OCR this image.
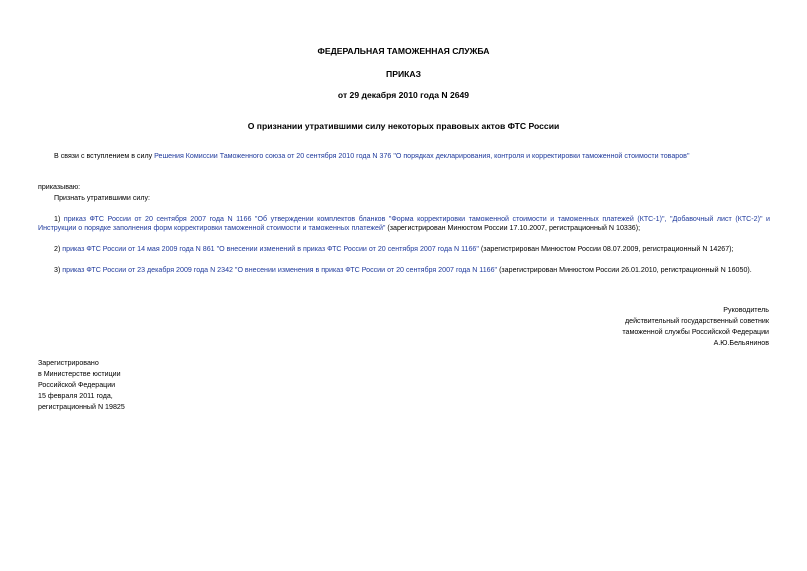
ФЕДЕРАЛЬНАЯ ТАМОЖЕННАЯ СЛУЖБА
ПРИКАЗ
от 29 декабря 2010 года N 2649
О признании утратившими силу некоторых правовых актов ФТС России
В связи с вступлением в силу Решения Комиссии Таможенного союза от 20 сентября 2010 года N 376 "О порядках декларирования, контроля и корректировки таможенной стоимости товаров"
приказываю:
Признать утратившими силу:
1) приказ ФТС России от 20 сентября 2007 года N 1166 "Об утверждении комплектов бланков "Форма корректировки таможенной стоимости и таможенных платежей (КТС-1)", "Добавочный лист (КТС-2)" и
Инструкции о порядке заполнения форм корректировки таможенной стоимости и таможенных платежей" (зарегистрирован Минюстом России 17.10.2007, регистрационный N 10336);
2) приказ ФТС России от 14 мая 2009 года N 861 "О внесении изменений в приказ ФТС России от 20 сентября 2007 года N 1166" (зарегистрирован Минюстом России 08.07.2009, регистрационный N 14267);
3) приказ ФТС России от 23 декабря 2009 года N 2342 "О внесении изменения в приказ ФТС России от 20 сентября 2007 года N 1166" (зарегистрирован Минюстом России 26.01.2010, регистрационный N 16050).
Руководитель
действительный государственный советник
таможенной службы Российской Федерации
А.Ю.Бельянинов
Зарегистрировано
в Министерстве юстиции
Российской Федерации
15 февраля 2011 года,
регистрационный N 19825
